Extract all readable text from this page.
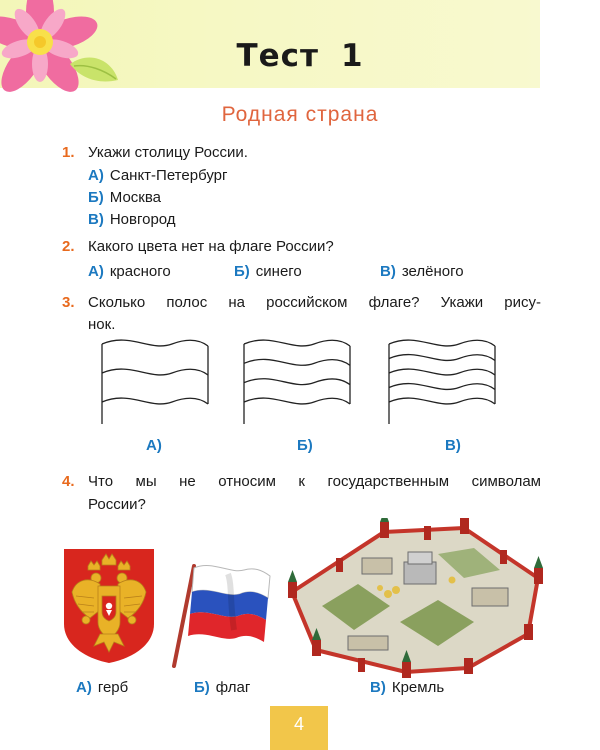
Тест 1
Родная страна
1. Укажи столицу России.
А) Санкт-Петербург
Б) Москва
В) Новгород
2. Какого цвета нет на флаге России?
А) красного	Б) синего	В) зелёного
3. Сколько полос на российском флаге? Укажи рису-
нок.
А)	Б)	В)
4. Что мы не относим к государственным символам
России?
А) герб	Б) флаг	В) Кремль
4
